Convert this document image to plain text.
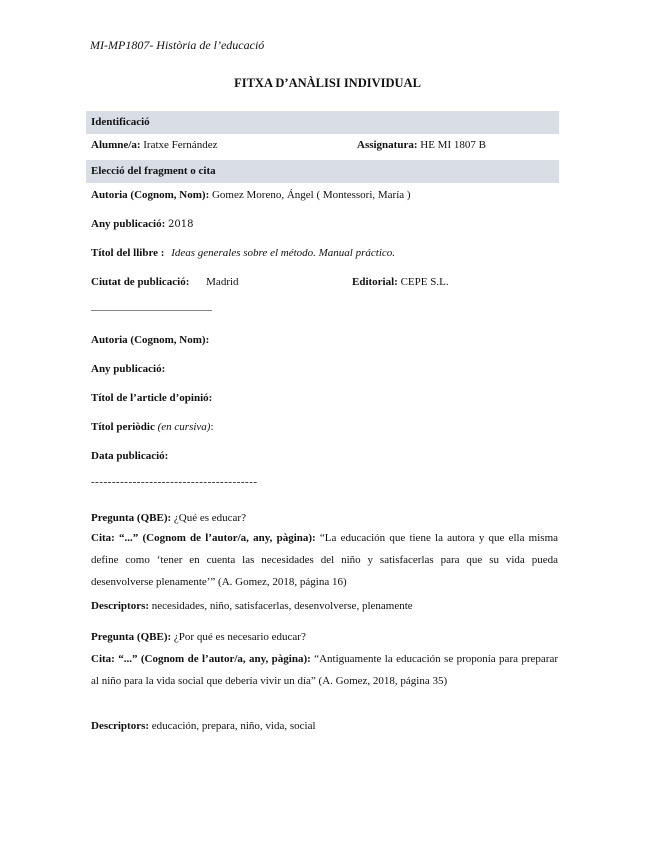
MI-MP1807- Història de l’educació
FITXA D’ANÀLISI INDIVIDUAL
Identificació
Alumne/a: Iratxe Fernández	Assignatura: HE MI 1807 B
Elecció del fragment o cita
Autoria (Cognom, Nom): Gomez Moreno, Ángel ( Montessori, María )
Any publicació: 2018
Títol del llibre : Ideas generales sobre el método. Manual práctico.
Ciutat de publicació: Madrid	Editorial: CEPE S.L.
———————————
Autoria (Cognom, Nom):
Any publicació:
Títol de l’article d’opinió:
Títol periòdic (en cursiva):
Data publicació:
----------------------------------------
Pregunta (QBE): ¿Qué es educar?
Cita: “...” (Cognom de l’autor/a, any, pàgina): “La educación que tiene la autora y que ella misma define como ‘tener en cuenta las necesidades del niño y satisfacerlas para que su vida pueda desenvolverse plenamente’” (A. Gomez, 2018, página 16)
Descriptors: necesidades, niño, satisfacerlas, desenvolverse, plenamente
Pregunta (QBE): ¿Por qué es necesario educar?
Cita: “...” (Cognom de l’autor/a, any, pàgina): “Antiguamente la educación se proponía para preparar al niño para la vida social que debería vivir un día” (A. Gomez, 2018, página 35)
Descriptors: educación, prepara, niño, vida, social
